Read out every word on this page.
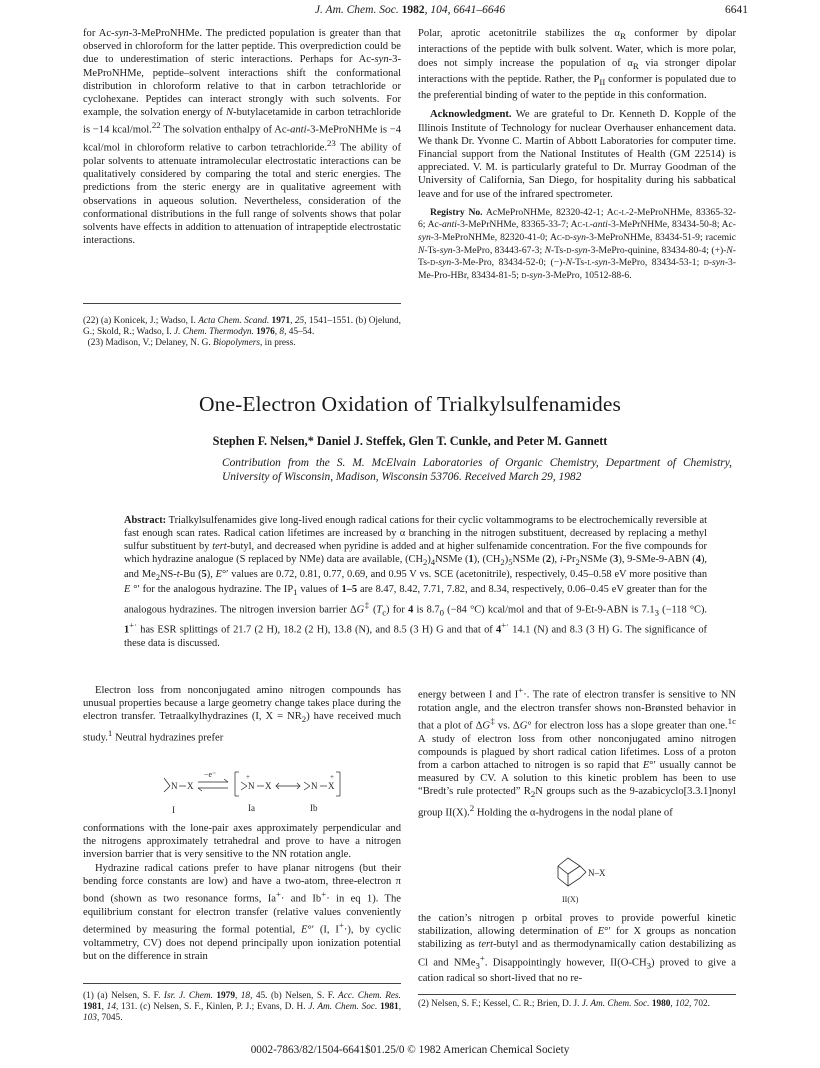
J. Am. Chem. Soc. 1982, 104, 6641–6646	6641

for Ac-syn-3-MeProNHMe. The predicted population is greater than that observed in chloroform for the latter peptide. This overprediction could be due to underestimation of steric interactions. Perhaps for Ac-syn-3-MeProNHMe, peptide–solvent interactions shift the conformational distribution in chloroform relative to that in carbon tetrachloride or cyclohexane. Peptides can interact strongly with such solvents. For example, the solvation energy of N-butylacetamide in carbon tetrachloride is −14 kcal/mol.$^{22}$ The solvation enthalpy of Ac-anti-3-MeProNHMe is −4 kcal/mol in chloroform relative to carbon tetrachloride.$^{23}$ The ability of polar solvents to attenuate intramolecular electrostatic interactions can be qualitatively considered by comparing the total and steric energies. The predictions from the steric energy are in qualitative agreement with observations in aqueous solution. Nevertheless, consideration of the conformational distributions in the full range of solvents shows that polar solvents have effects in addition to attenuation of intrapeptide electrostatic interactions.

(22) (a) Konicek, J.; Wadso, I. Acta Chem. Scand. 1971, 25, 1541–1551. (b) Ojelund, G.; Skold, R.; Wadso, I. J. Chem. Thermodyn. 1976, 8, 45–54.
(23) Madison, V.; Delaney, N. G. Biopolymers, in press.

Polar, aprotic acetonitrile stabilizes the $\alpha_R$ conformer by dipolar interactions of the peptide with bulk solvent. Water, which is more polar, does not simply increase the population of $\alpha_R$ via stronger dipolar interactions with the peptide. Rather, the $P_{II}$ conformer is populated due to the preferential binding of water to the peptide in this conformation.

Acknowledgment. We are grateful to Dr. Kenneth D. Kopple of the Illinois Institute of Technology for nuclear Overhauser enhancement data. We thank Dr. Yvonne C. Martin of Abbott Laboratories for computer time. Financial support from the National Institutes of Health (GM 22514) is appreciated. V. M. is particularly grateful to Dr. Murray Goodman of the University of California, San Diego, for hospitality during his sabbatical leave and for use of the infrared spectrometer.

Registry No. AcMeProNHMe, 82320-42-1; Ac-l-2-MeProNHMe, 83365-32-6; Ac-anti-3-MePrNHMe, 83365-33-7; Ac-l-anti-3-MePrNHMe, 83434-50-8; Ac-syn-3-MeProNHMe, 82320-41-0; Ac-d-syn-3-MeProNHMe, 83434-51-9; racemic N-Ts-syn-3-MePro, 83443-67-3; N-Ts-d-syn-3-MePro-quinine, 83434-80-4; (+)-N-Ts-d-syn-3-Me-Pro, 83434-52-0; (−)-N-Ts-l-syn-3-MePro, 83434-53-1; d-syn-3-Me-Pro-HBr, 83434-81-5; d-syn-3-MePro, 10512-88-6.

One-Electron Oxidation of Trialkylsulfenamides
Stephen F. Nelsen,* Daniel J. Steffek, Glen T. Cunkle, and Peter M. Gannett
Contribution from the S. M. McElvain Laboratories of Organic Chemistry, Department of Chemistry, University of Wisconsin, Madison, Wisconsin 53706. Received March 29, 1982

Abstract: Trialkylsulfenamides give long-lived enough radical cations for their cyclic voltammograms to be electrochemically reversible at fast enough scan rates. Radical cation lifetimes are increased by α branching in the nitrogen substituent, decreased by replacing a methyl sulfur substituent by tert-butyl, and decreased when pyridine is added and at higher sulfenamide concentration. For the five compounds for which hydrazine analogue (S replaced by NMe) data are available, $(CH_2)_4NSMe$ (1), $(CH_2)_5NSMe$ (2), $i-Pr_2NSMe$ (3), 9-SMe-9-ABN (4), and $Me_2NS-t-Bu$ (5), E°′ values are 0.72, 0.81, 0.77, 0.69, and 0.95 V vs. SCE (acetonitrile), respectively, 0.45–0.58 eV more positive than E °′ for the analogous hydrazine. The $IP_1$ values of 1–5 are 8.47, 8.42, 7.71, 7.82, and 8.34, respectively, 0.06–0.45 eV greater than for the analogous hydrazines. The nitrogen inversion barrier ΔG‡ $(T_c)$ for 4 is $8.7_0$ (−84 °C) kcal/mol and that of 9-Et-9-ABN is $7.1_3$ (−118 °C). 1+· has ESR splittings of 21.7 (2 H), 18.2 (2 H), 13.8 (N), and 8.5 (3 H) G and that of 4+· 14.1 (N) and 8.3 (3 H) G. The significance of these data is discussed.

Electron loss from nonconjugated amino nitrogen compounds has unusual properties because a large geometry change takes place during the electron transfer. Tetraalkylhydrazines (I, $X = NR_2$) have received much study.$^1$ Neutral hydrazines prefer

N X	N X
+
N X
+
−e⁻
I	Ia	Ib

conformations with the lone-pair axes approximately perpendicular and the nitrogens approximately tetrahedral and prove to have a nitrogen inversion barrier that is very sensitive to the NN rotation angle.

Hydrazine radical cations prefer to have planar nitrogens (but their bending force constants are low) and have a two-atom, three-electron π bond (shown as two resonance forms, Ia+· and Ib+· in eq 1). The equilibrium constant for electron transfer (relative values conveniently determined by measuring the formal potential, E°′ (I, I+·), by cyclic voltammetry, CV) does not depend principally upon ionization potential but on the difference in strain

(1) (a) Nelsen, S. F. Isr. J. Chem. 1979, 18, 45. (b) Nelsen, S. F. Acc. Chem. Res. 1981, 14, 131. (c) Nelsen, S. F., Kinlen, P. J.; Evans, D. H. J. Am. Chem. Soc. 1981, 103, 7045.

energy between I and I+·. The rate of electron transfer is sensitive to NN rotation angle, and the electron transfer shows non-Brønsted behavior in that a plot of ΔG‡ vs. ΔG° for electron loss has a slope greater than one.$^{1c}$ A study of electron loss from other nonconjugated amino nitrogen compounds is plagued by short radical cation lifetimes. Loss of a proton from a carbon attached to nitrogen is so rapid that E°′ usually cannot be measured by CV. A solution to this kinetic problem has been to use “Bredt’s rule protected” $R_2N$ groups such as the 9-azabicyclo[3.3.1]nonyl group II(X).$^2$ Holding the α-hydrogens in the nodal plane of

N–X
II(X)

the cation’s nitrogen p orbital proves to provide powerful kinetic stabilization, allowing determination of E°′ for X groups as noncation stabilizing as tert-butyl and as thermodynamically cation destabilizing as Cl and NMe$_3$+. Disappointingly however, $II(O-CH_3)$ proved to give a cation radical so short-lived that no re-

(2) Nelsen, S. F.; Kessel, C. R.; Brien, D. J. J. Am. Chem. Soc. 1980, 102, 702.

0002-7863/82/1504-6641$01.25/0 © 1982 American Chemical Society
